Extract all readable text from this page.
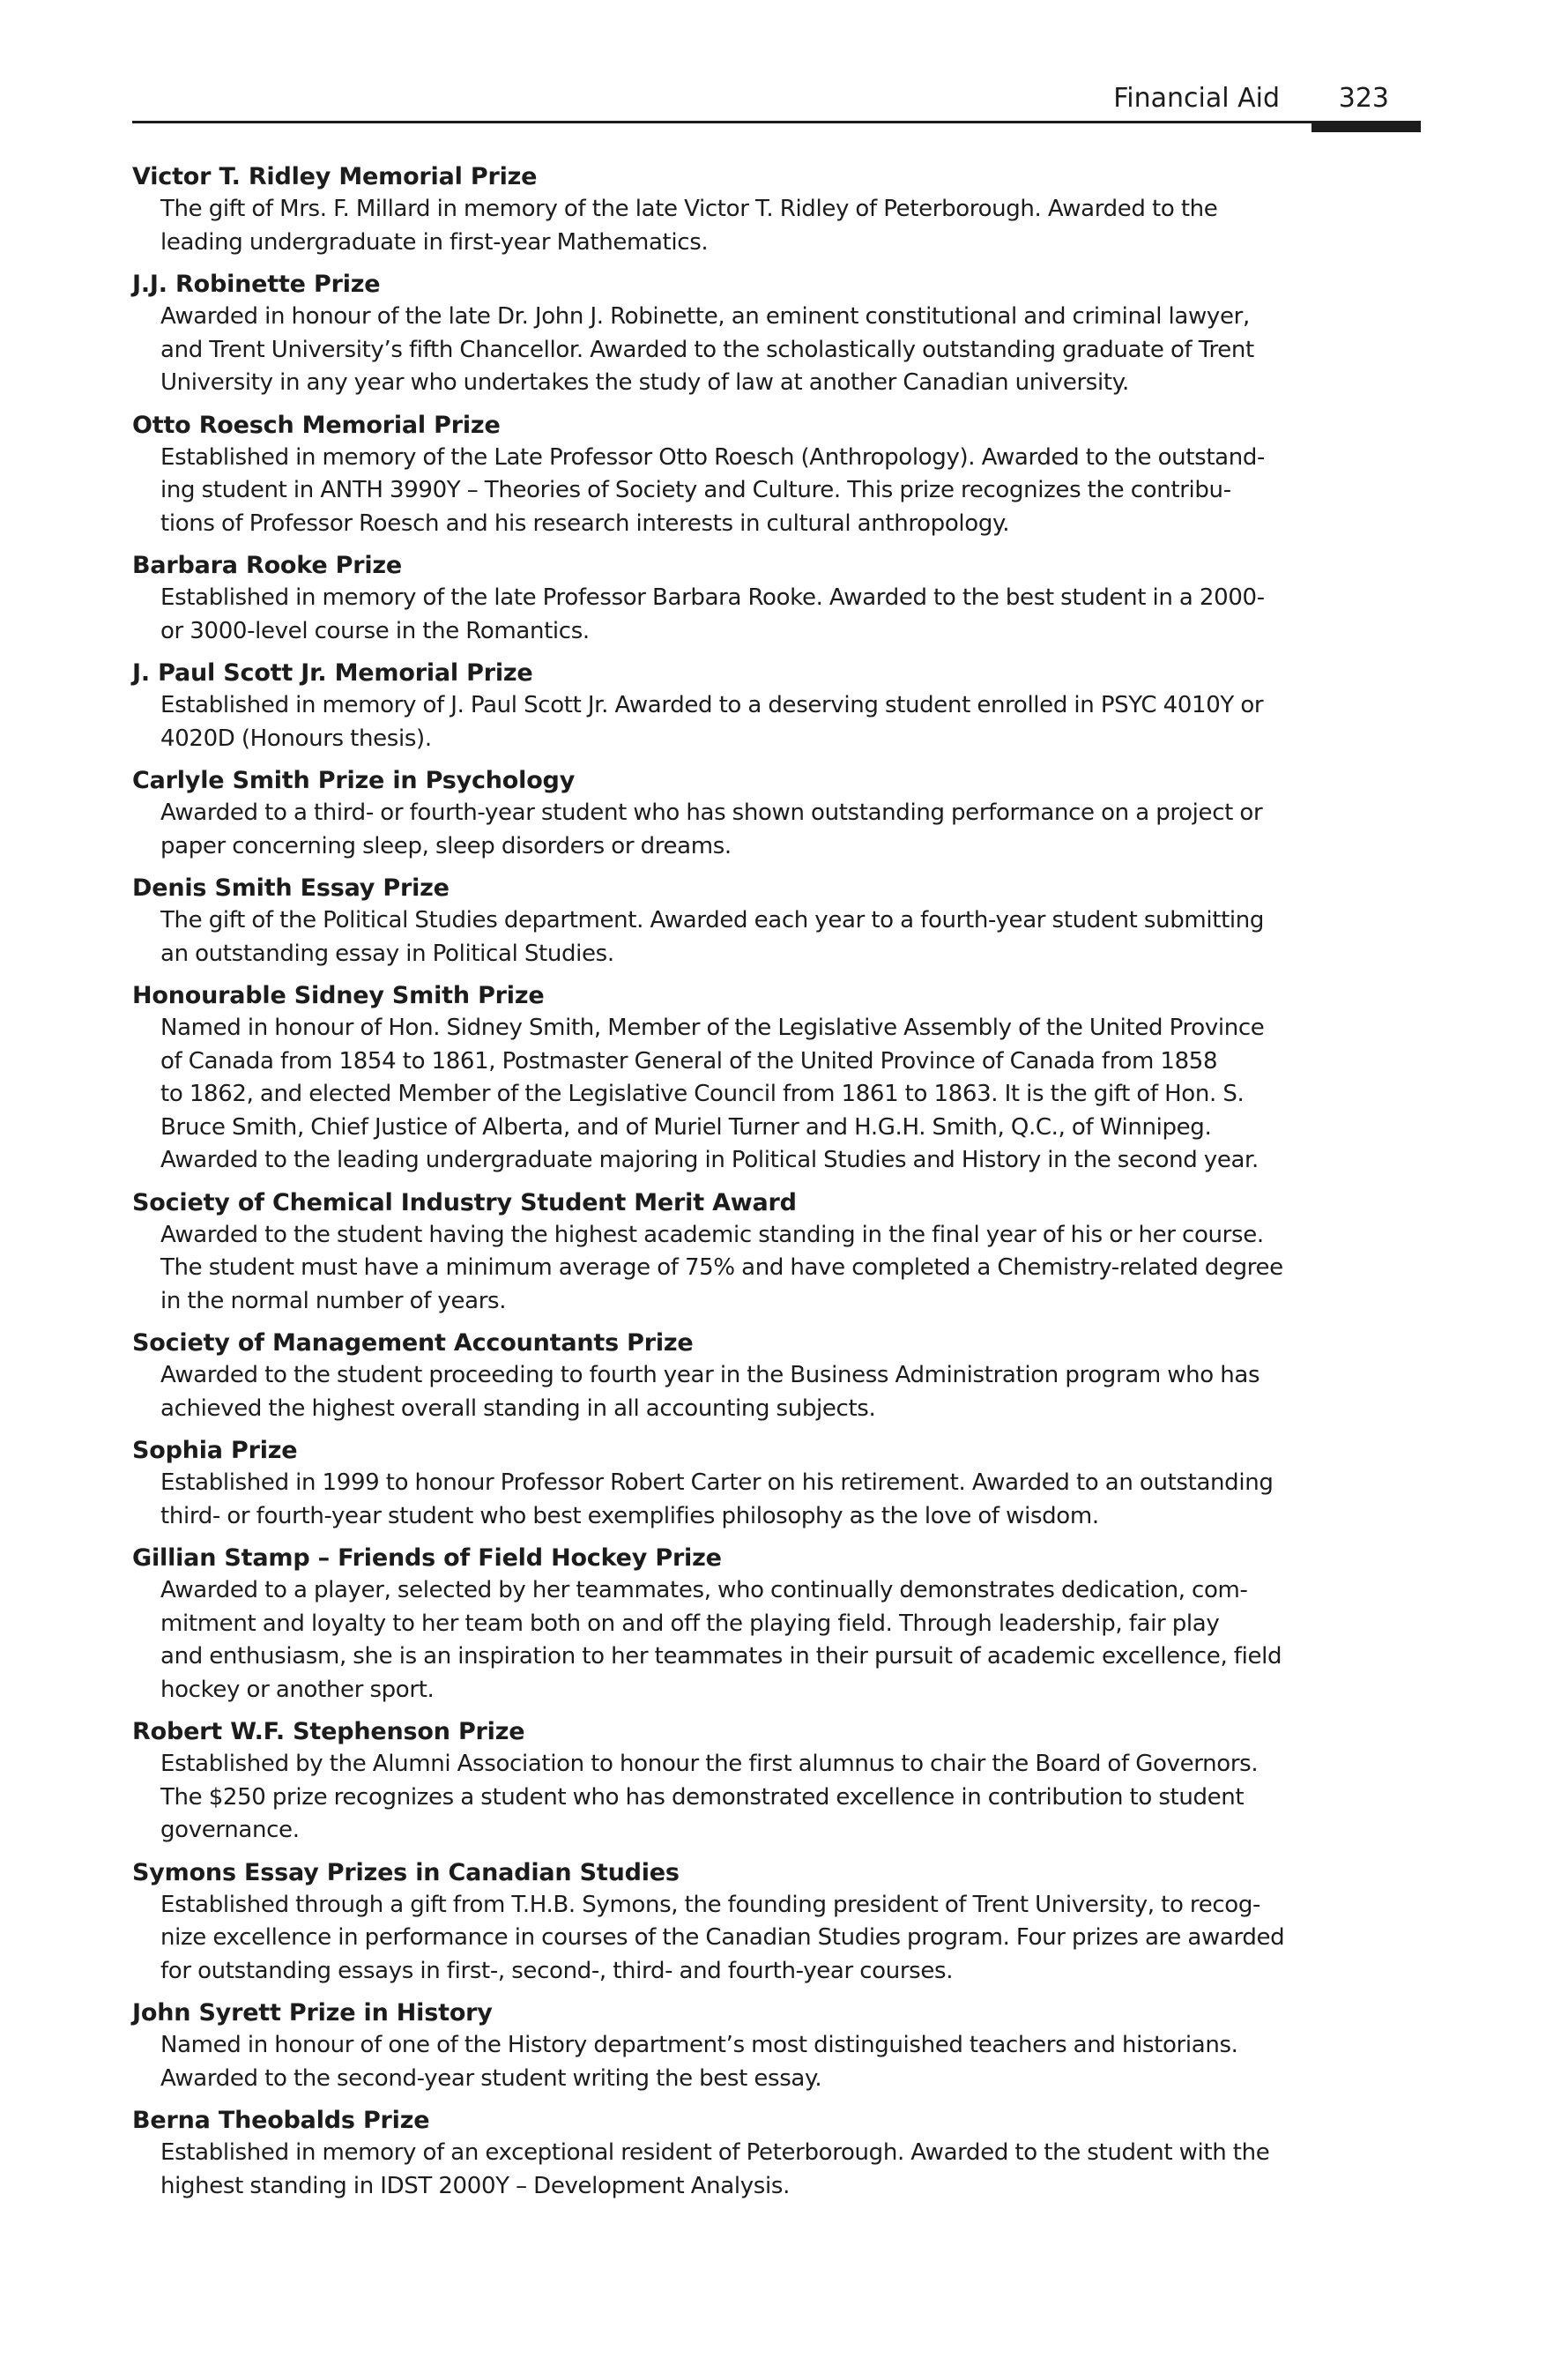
Financial Aid 323
Victor T. Ridley Memorial Prize
The gift of Mrs. F. Millard in memory of the late Victor T. Ridley of Peterborough. Awarded to the
leading undergraduate in first-year Mathematics.
J.J. Robinette Prize
Awarded in honour of the late Dr. John J. Robinette, an eminent constitutional and criminal lawyer,
and Trent University’s fifth Chancellor. Awarded to the scholastically outstanding graduate of Trent
University in any year who undertakes the study of law at another Canadian university.
Otto Roesch Memorial Prize
Established in memory of the Late Professor Otto Roesch (Anthropology). Awarded to the outstand-
ing student in ANTH 3990Y – Theories of Society and Culture. This prize recognizes the contribu-
tions of Professor Roesch and his research interests in cultural anthropology.
Barbara Rooke Prize
Established in memory of the late Professor Barbara Rooke. Awarded to the best student in a 2000-
or 3000-level course in the Romantics.
J. Paul Scott Jr. Memorial Prize
Established in memory of J. Paul Scott Jr. Awarded to a deserving student enrolled in PSYC 4010Y or
4020D (Honours thesis).
Carlyle Smith Prize in Psychology
Awarded to a third- or fourth-year student who has shown outstanding performance on a project or
paper concerning sleep, sleep disorders or dreams.
Denis Smith Essay Prize
The gift of the Political Studies department. Awarded each year to a fourth-year student submitting
an outstanding essay in Political Studies.
Honourable Sidney Smith Prize
Named in honour of Hon. Sidney Smith, Member of the Legislative Assembly of the United Province
of Canada from 1854 to 1861, Postmaster General of the United Province of Canada from 1858
to 1862, and elected Member of the Legislative Council from 1861 to 1863. It is the gift of Hon. S.
Bruce Smith, Chief Justice of Alberta, and of Muriel Turner and H.G.H. Smith, Q.C., of Winnipeg.
Awarded to the leading undergraduate majoring in Political Studies and History in the second year.
Society of Chemical Industry Student Merit Award
Awarded to the student having the highest academic standing in the final year of his or her course.
The student must have a minimum average of 75% and have completed a Chemistry-related degree
in the normal number of years.
Society of Management Accountants Prize
Awarded to the student proceeding to fourth year in the Business Administration program who has
achieved the highest overall standing in all accounting subjects.
Sophia Prize
Established in 1999 to honour Professor Robert Carter on his retirement. Awarded to an outstanding
third- or fourth-year student who best exemplifies philosophy as the love of wisdom.
Gillian Stamp – Friends of Field Hockey Prize
Awarded to a player, selected by her teammates, who continually demonstrates dedication, com-
mitment and loyalty to her team both on and off the playing field. Through leadership, fair play
and enthusiasm, she is an inspiration to her teammates in their pursuit of academic excellence, field
hockey or another sport.
Robert W.F. Stephenson Prize
Established by the Alumni Association to honour the first alumnus to chair the Board of Governors.
The $250 prize recognizes a student who has demonstrated excellence in contribution to student
governance.
Symons Essay Prizes in Canadian Studies
Established through a gift from T.H.B. Symons, the founding president of Trent University, to recog-
nize excellence in performance in courses of the Canadian Studies program. Four prizes are awarded
for outstanding essays in first-, second-, third- and fourth-year courses.
John Syrett Prize in History
Named in honour of one of the History department’s most distinguished teachers and historians.
Awarded to the second-year student writing the best essay.
Berna Theobalds Prize
Established in memory of an exceptional resident of Peterborough. Awarded to the student with the
highest standing in IDST 2000Y – Development Analysis.
